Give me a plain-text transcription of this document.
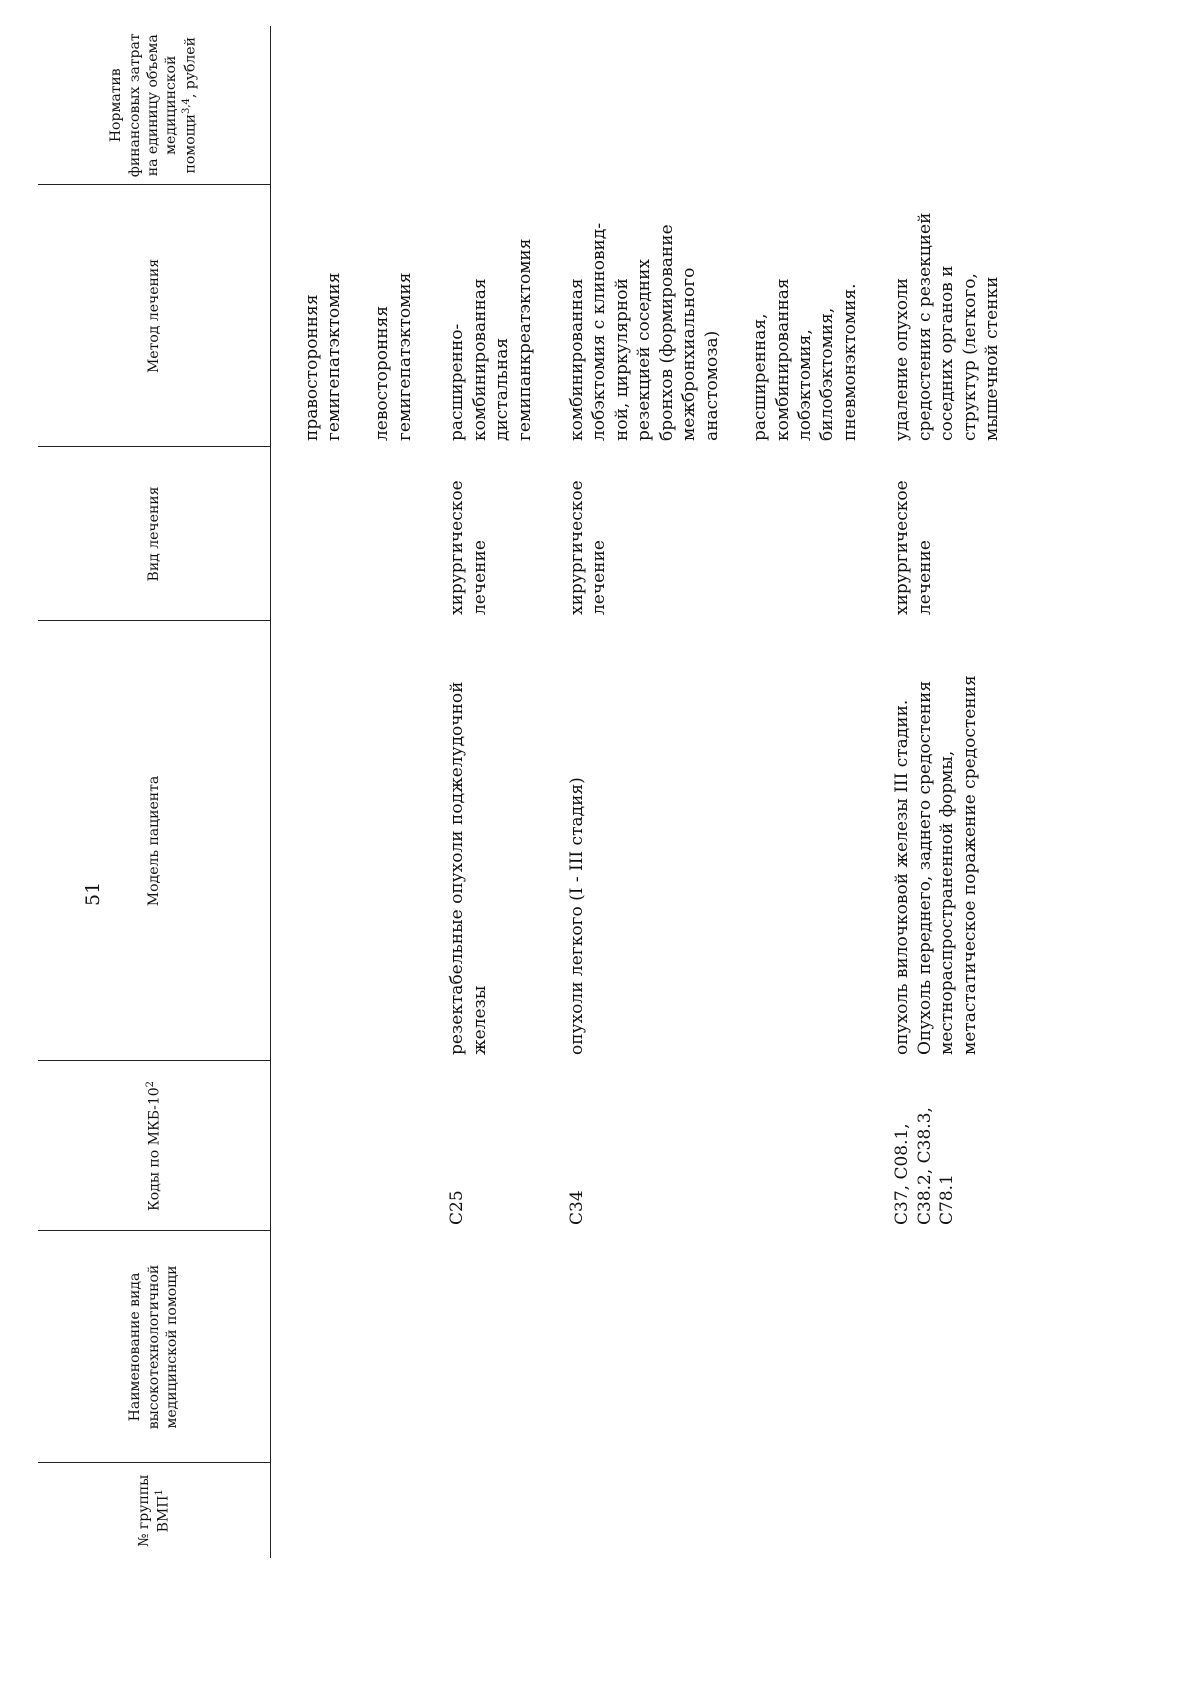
51
№ группы ВМП$^1$	Наименование вида высокотехнологичной медицинской помощи	Коды по МКБ-$10^2$	Модель пациента	Вид лечения	Метод лечения	Норматив финансовых затрат на единицу объема медицинской помощи$^{3,4}$, рублей

					правосторонняя гемигепатэктомия левосторонняя гемигепатэктомия	

		C25	резектабельные опухоли поджелудочной железы	хирургическое лечение	расширенно-комбинированная дистальная гемипанкреатэктомия	

		C34	опухоли легкого (I - III стадия)	хирургическое лечение	комбинированная лобэктомия с клиновид-ной, циркулярной резекцией соседних бронхов (формирование межбронхиального анастомоза) расширенная, комбинированная лобэктомия, билобэктомия, пневмонэктомия.	

		C37, C08.1, C38.2, C38.3, C78.1	опухоль вилочковой железы III стадии. Опухоль переднего, заднего средостения местнораспространенной формы, метастатическое поражение средостения	хирургическое лечение	удаление опухоли средостения с резекцией соседних органов и структур (легкого, мышечной стенки	
